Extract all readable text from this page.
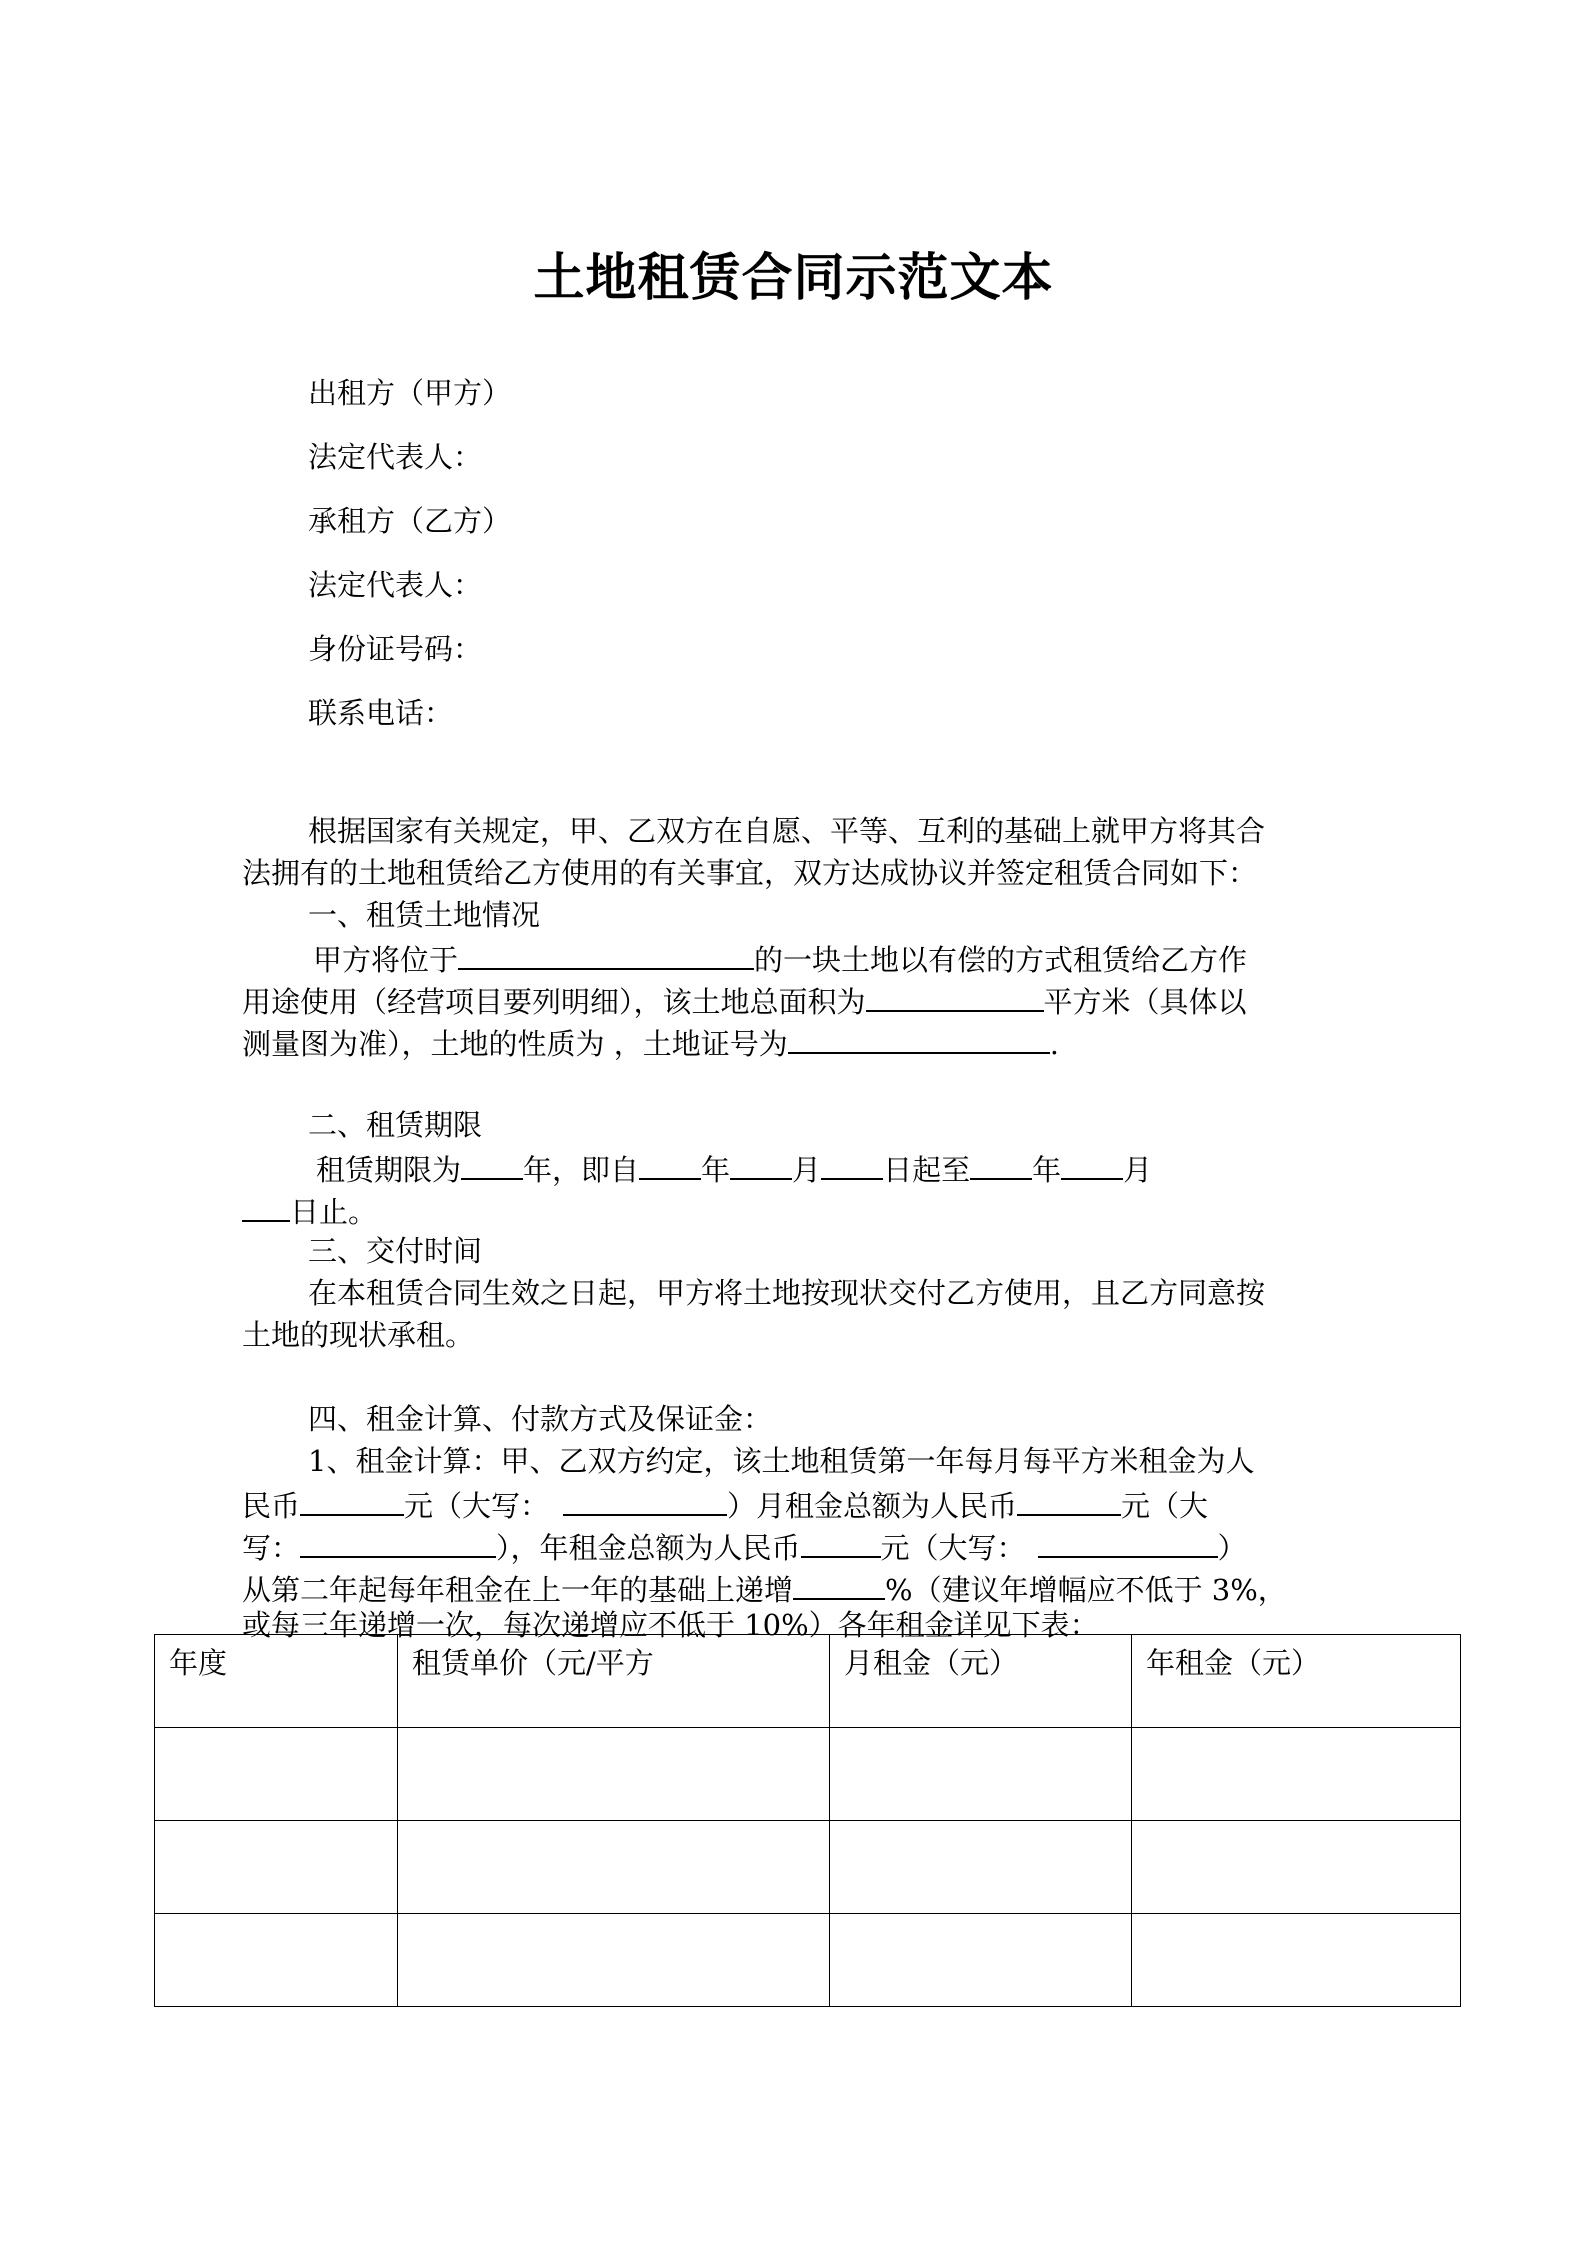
土地租赁合同示范文本
出租方（甲方）
法定代表人：
承租方（乙方）
法定代表人：
身份证号码：
联系电话：
根据国家有关规定，甲、乙双方在自愿、平等、互利的基础上就甲方将其合
法拥有的土地租赁给乙方使用的有关事宜，双方达成协议并签定租赁合同如下：
一、租赁土地情况
甲方将位于	的一块土地以有偿的方式租赁给乙方作
用途使用（经营项目要列明细），该土地总面积为	平方米（具体以
测量图为准），土地的性质为 ，土地证号为	.
二、租赁期限
租赁期限为 年，即自 年 月 日起至 年 月
日止。
三、交付时间
在本租赁合同生效之日起，甲方将土地按现状交付乙方使用，且乙方同意按
土地的现状承租。
四、租金计算、付款方式及保证金：
1、租金计算：甲、乙双方约定，该土地租赁第一年每月每平方米租金为人
民币	元（大写：	）月租金总额为人民币	元（大
写：	），年租金总额为人民币	元（大写：	）
从第二年起每年租金在上一年的基础上递增	%（建议年增幅应不低于 3%，
或每三年递增一次，每次递增应不低于 10%）各年租金详见下表：
年度	租赁单价（元/平方	月租金（元）	年租金（元）
